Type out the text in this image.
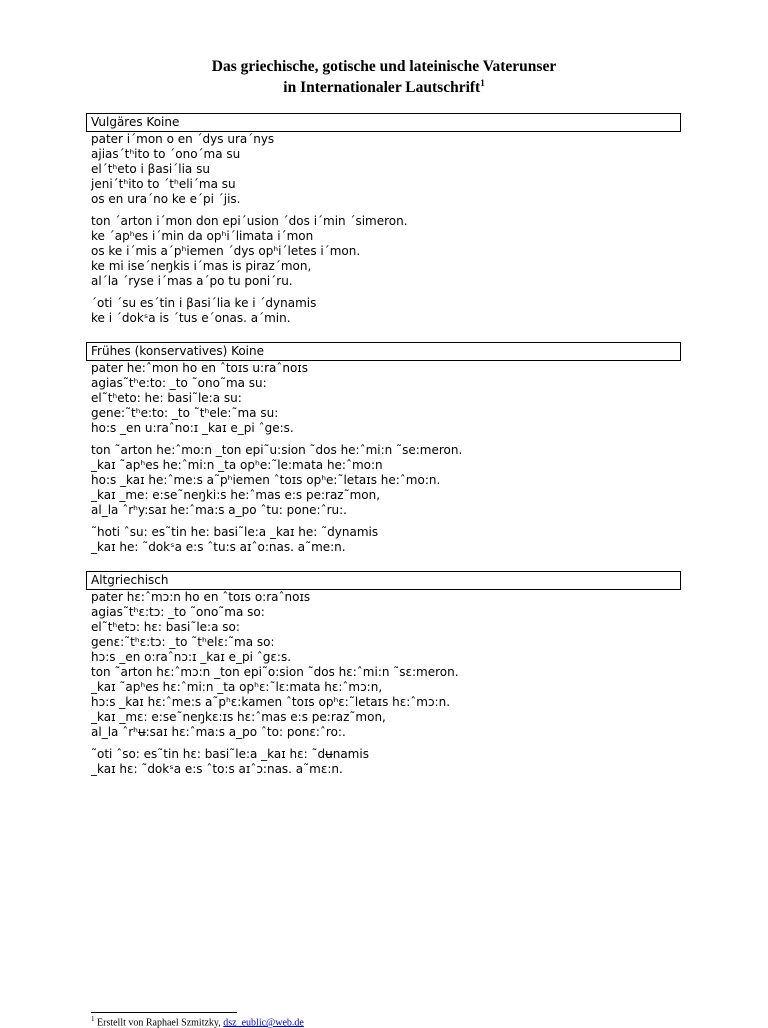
Das griechische, gotische und lateinische Vaterunser
in Internationaler Lautschrift$^1$
Vulgäres Koine
pater i´mon o en ´dys ura´nys
ajias´tʰito to ´ono´ma su
el´tʰeto i βasi´lia su
jeni´tʰito to ´tʰeli´ma su
os en ura´no ke e´pi ´jis.
ton ´arton i´mon don epi´usion ´dos i´min ´simeron.
ke ´apʰes i´min da opʰi´limata i´mon
os ke i´mis a´pʰiemen ´dys opʰi´letes i´mon.
ke mi ise´neŋkis i´mas is piraz´mon,
al´la ´ryse i´mas a´po tu poni´ru.
´oti ´su es´tin i βasi´lia ke i ´dynamis
ke i ´dokˢa is ´tus e´onas. a´min.
Frühes (konservatives) Koine
pater he:ˆmon ho en ˆtoɪs u:raˆnoɪs
agias˜tʰe:to: _to ˜ono˜ma su:
el˜tʰeto: he: basi˜le:a su:
gene:˜tʰe:to: _to ˜tʰele:˜ma su:
ho:s _en u:raˆno:ɪ _kaɪ e_pi ˆge:s.
ton ˜arton he:ˆmo:n _ton epi˜u:sion ˜dos he:ˆmi:n ˜se:meron.
_kaɪ ˜apʰes he:ˆmi:n _ta opʰe:˜le:mata he:ˆmo:n
ho:s _kaɪ he:ˆme:s a˜pʰiemen ˆtoɪs opʰe:˜letaɪs he:ˆmo:n.
_kaɪ _me: e:se˜neŋki:s he:ˆmas e:s pe:raz˜mon,
al_la ˆrʰy:saɪ he:ˆma:s a_po ˆtu: pone:ˆru:.
˜hoti ˆsu: es˜tin he: basi˜le:a _kaɪ he: ˜dynamis
_kaɪ he: ˜dokˢa e:s ˆtu:s aɪˆo:nas. a˜me:n.
Altgriechisch
pater hɛ:ˆmɔ:n ho en ˆtoɪs o:raˆnoɪs
agias˜tʰɛ:tɔ: _to ˜ono˜ma so:
el˜tʰetɔ: hɛ: basi˜le:a so:
genɛ:˜tʰɛ:tɔ: _to ˜tʰelɛ:˜ma so:
hɔ:s _en o:raˆnɔ:ɪ _kaɪ e_pi ˆgɛ:s.
ton ˜arton hɛ:ˆmɔ:n _ton epi˜o:sion ˜dos hɛ:ˆmi:n ˜sɛ:meron.
_kaɪ ˜apʰes hɛ:ˆmi:n _ta opʰɛ:˜lɛ:mata hɛ:ˆmɔ:n,
hɔ:s _kaɪ hɛ:ˆme:s a˜pʰɛ:kamen ˆtoɪs opʰɛ:˜letaɪs hɛ:ˆmɔ:n.
_kaɪ _mɛ: e:se˜neŋkɛ:ɪs hɛ:ˆmas e:s pe:raz˜mon,
al_la ˆrʰʉ:saɪ hɛ:ˆma:s a_po ˆto: ponɛ:ˆro:.
˜oti ˆso: es˜tin hɛ: basi˜le:a _kaɪ hɛ: ˜dʉnamis
_kaɪ hɛ: ˜dokˢa e:s ˆto:s aɪˆɔ:nas. a˜mɛ:n.
$^1$ Erstellt von Raphael Szmitzky, dsz_eublic@web.de
